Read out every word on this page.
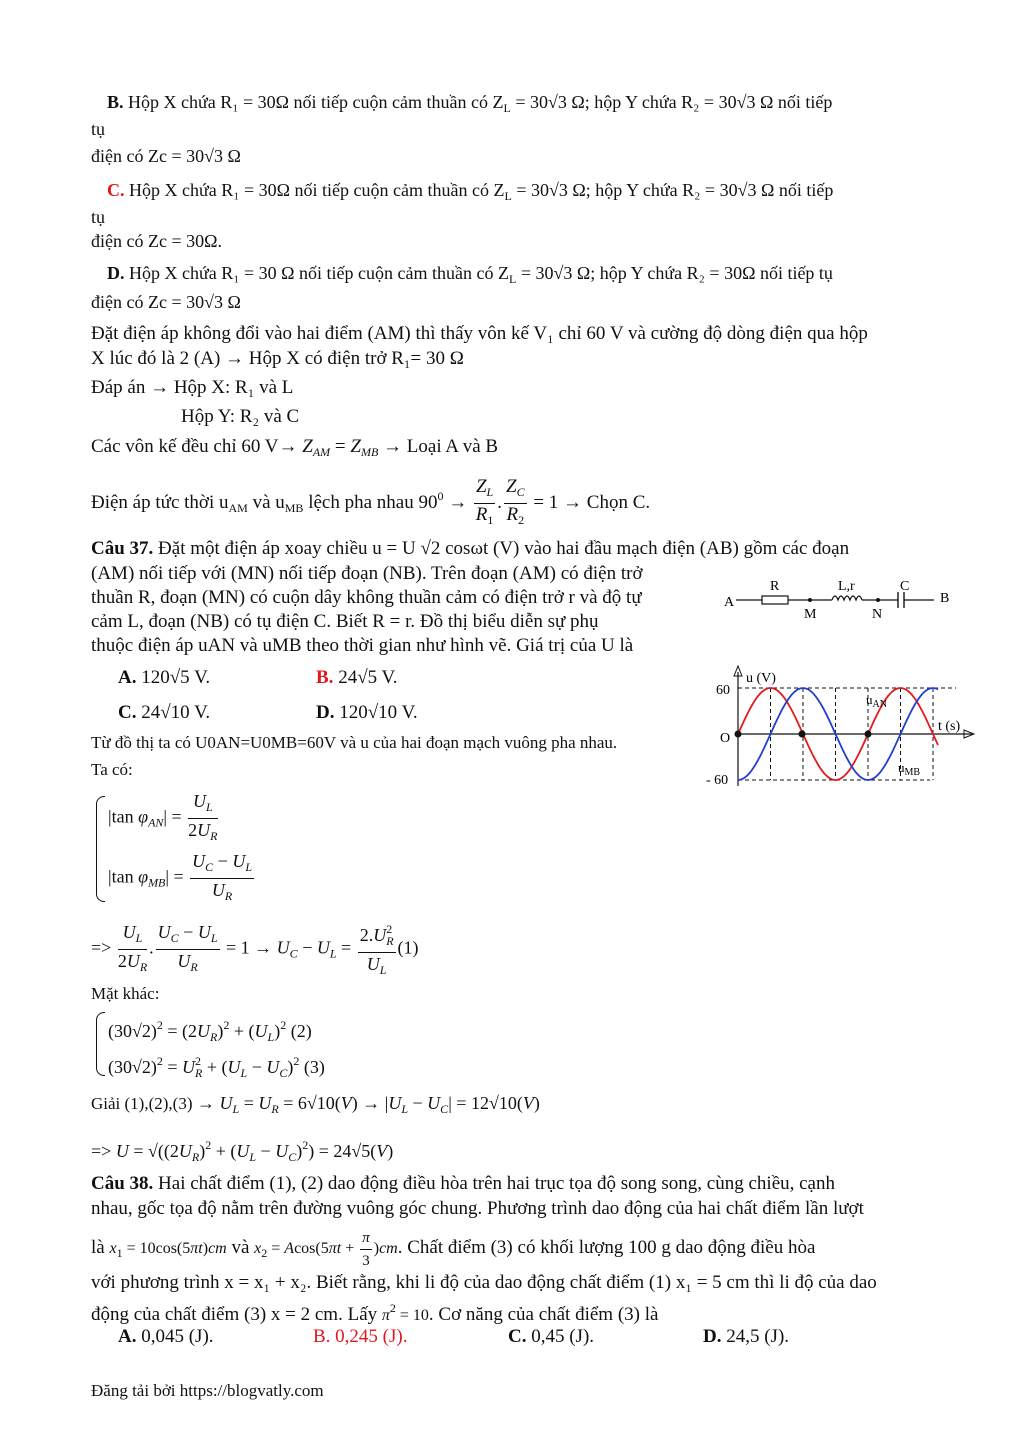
B. Hộp X chứa R₁ = 30Ω nối tiếp cuộn cảm thuần có $Z_L = 30√3$ Ω; hộp Y chứa R₂ = 30√3 Ω nối tiếp
tụ
điện có Zc = 30√3 Ω
C. Hộp X chứa R₁ = 30Ω nối tiếp cuộn cảm thuần có $Z_L = 30√3$ Ω; hộp Y chứa R₂ = 30√3 Ω nối tiếp
tụ
điện có Zc = 30Ω.
D. Hộp X chứa R₁ = 30 Ω nối tiếp cuộn cảm thuần có $Z_L = 30√3$ Ω; hộp Y chứa R₂ = 30Ω nối tiếp tụ
điện có Zc = 30√3 Ω
Đặt điện áp không đổi vào hai điểm (AM) thì thấy vôn kế V₁ chỉ 60 V và cường độ dòng điện qua hộp
X lúc đó là 2 (A) → Hộp X có điện trở R₁= 30 Ω
Đáp án → Hộp X: R₁ và L
Hộp Y: R₂ và C
Các vôn kế đều chỉ 60 $V\to Z_{AM} = Z_{MB}$ → Loại A và B
Điện áp tức thời $u_{AM}$ và $u_{MB}$ lệch pha nhau $90^0 \to \frac{Z_L}{R_1}$ . $\frac{Z_C}{R_2} = 1$ → Chọn C.
Câu 37. Đặt một điện áp xoay chiều u = U √2 cosωt (V) vào hai đầu mạch điện (AB) gồm các đoạn
(AM) nối tiếp với (MN) nối tiếp đoạn (NB). Trên đoạn (AM) có điện trở
thuần R, đoạn (MN) có cuộn dây không thuần cảm có điện trở r và độ tự
cảm L, đoạn (NB) có tụ điện C. Biết R = r. Đồ thị biểu diễn sự phụ
thuộc điện áp uAN và uMB theo thời gian như hình vẽ. Giá trị của U là
A	B
R	L,r	C
M	N
u (V)
t (s)
60
- 60
O
$u_{AN}$
$u_{MB}$
A. 120√5 V.	B. 24√5 V.
C. 24√10 V.	D. 120√10 V.
Từ đồ thị ta có U0AN=U0MB=60V và u của hai đoạn mạch vuông pha nhau.
Ta có:
|tan $\varphi_{AN}| = \frac{U_L}{2U_R}$
|tan $\varphi_{MB}| = \frac{U_C - U_L}{U_R}$
=> $\frac{U_L}{2U_R}$ . $\frac{U_C - U_L}{U_R} = 1 \to U_C - U_L = \frac{2.U^2_R}{U_L} (1)$
Mặt khác:
$(30√2)^2 = (2U_R)^2 + (U_L)^2$ (2)
$(30√2)^2 = U^2_R + (U_L - U_C)^2$ (3)
Giải $(1),(2),(3) \to U_L = U_R = 6√10(V) \to |U_L - U_C| = 12√10(V)$
=> $U = √((2U_R)^2 + (U_L - U_C)^2) = 24√5(V)$
Câu 38. Hai chất điểm (1), (2) dao động điều hòa trên hai trục tọa độ song song, cùng chiều, cạnh
nhau, gốc tọa độ nằm trên đường vuông góc chung. Phương trình dao động của hai chất điểm lần lượt
là $x_1 = 10\cos(5\pi t)cm$ và $x_2 = Acos(5\pi t + \frac{\pi}{3} )cm$. Chất điểm (3) có khối lượng 100 g dao động điều hòa
với phương trình x = x₁ + x₂. Biết rằng, khi li độ của dao động chất điểm (1) x₁ = 5 cm thì li độ của dao
động của chất điểm (3) x = 2 cm. Lấy $\pi^2 = 10$. Cơ năng của chất điểm (3) là
A. 0,045 (J).	B. 0,245 (J).	C. 0,45 (J).	D. 24,5 (J).
Đăng tải bởi https://blogvatly.com
